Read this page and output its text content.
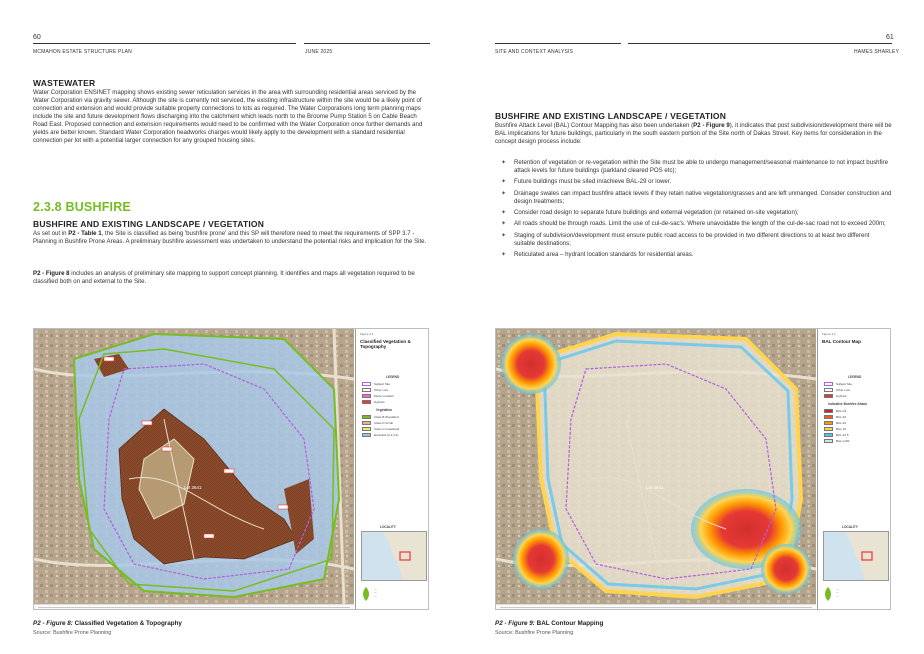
60
MCMAHON ESTATE STRUCTURE PLAN	JUNE 2025
WASTEWATER
Water Corporation ENSINET mapping shows existing sewer reticulation services in the area with surrounding residential areas serviced by the Water Corporation via gravity sewer. Although the site is currently not serviced, the existing infrastructure within the site would be a likely point of connection and extension and would provide suitable property connections to lots as required. The Water Corporations long term planning maps include the site and future development flows discharging into the catchment which leads north to the Broome Pump Station 5 on Cable Beach Road East. Proposed connection and extension requirements would need to be confirmed with the Water Corporation once further demands and yields are better known. Standard Water Corporation headworks charges would likely apply to the development with a standard residential connection per lot with a potential larger connection for any grouped housing sites.
2.3.8 BUSHFIRE
BUSHFIRE AND EXISTING LANDSCAPE / VEGETATION
As set out in P2 - Table 1, the Site is classified as being 'bushfire prone' and this SP will therefore need to meet the requirements of SPP 3.7 - Planning in Bushfire Prone Areas. A preliminary bushfire assessment was undertaken to understand the potential risks and implication for the Site.
P2 - Figure 8 includes an analysis of preliminary site mapping to support concept planning. It identifies and maps all vegetation required to be classified both on and external to the Site.
Lot 2641
Figure 3.1
Classified Vegetation &
Topography
LEGEND
Subject Site
Other Lots
Photo Location
Hydrant
Vegetation
Class B Woodland
Class D Scrub
Class G Grassland
Excluded (2.2.3.2)
LOCALITY
—
—
—
P2 - Figure 8: Classified Vegetation & Topography
Source: Bushfire Prone Planning
61
SITE AND CONTEXT ANALYSIS	HAMES SHARLEY
BUSHFIRE AND EXISTING LANDSCAPE / VEGETATION
Bushfire Attack Level (BAL) Contour Mapping has also been undertaken (P2 - Figure 9), it indicates that post subdivision/development there will be BAL implications for future buildings, particularly in the south eastern portion of the Site north of Dakas Street. Key items for consideration in the concept design process include:
✦ Retention of vegetation or re-vegetation within the Site must be able to undergo management/seasonal maintenance to not impact bushfire attack levels for future buildings (parkland cleared POS etc);
✦ Future buildings must be sited in/achieve BAL-29 or lower.
✦ Drainage swales can impact bushfire attack levels if they retain native vegetation/grasses and are left unmanged. Consider construction and design treatments;
✦ Consider road design to separate future buildings and external vegetation (or retained on-site vegetation);
✦ All roads should be through roads. Limit the use of cul-de-sac's. Where unavoidable the length of the cul-de-sac road not to exceed 200m;
✦ Staging of subdivision/development must ensure public road access to be provided in two different directions to at least two different suitable destinations;
✦ Reticulated area – hydrant location standards for residential areas.
Lot 2641
Figure 3.2
BAL Contour Map
LEGEND
Subject Site
Other Lots
Hydrant
Indicative Bushfire Attack
BAL-FZ
BAL-40
BAL-29
BAL-19
BAL-12.5
BAL-LOW
LOCALITY
—
—
—
P2 - Figure 9: BAL Contour Mapping
Source: Bushfire Prone Planning
